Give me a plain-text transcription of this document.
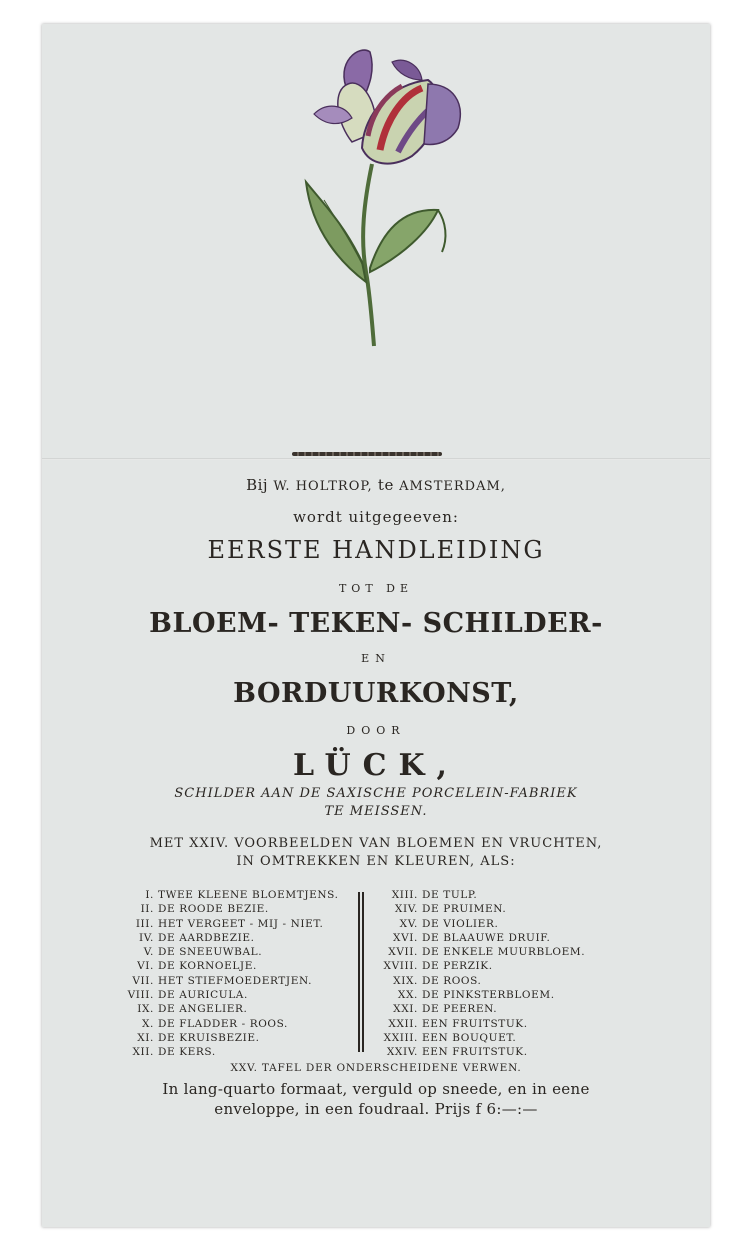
Bij W. HOLTROP, te AMSTERDAM,
wordt uitgegeeven:
EERSTE HANDLEIDING
TOT DE
BLOEM- TEKEN- SCHILDER-
EN
BORDUURKONST,
DOOR
LÜCK,
SCHILDER AAN DE SAXISCHE PORCELEIN-FABRIEK
TE MEISSEN.
MET XXIV. VOORBEELDEN VAN BLOEMEN EN VRUCHTEN,
IN OMTREKKEN EN KLEUREN, ALS:
I. TWEE KLEENE BLOEMTJENS.
II. DE ROODE BEZIE.
III. HET VERGEET - MIJ - NIET.
IV. DE AARDBEZIE.
V. DE SNEEUWBAL.
VI. DE KORNOELJE.
VII. HET STIEFMOEDERTJEN.
VIII. DE AURICULA.
IX. DE ANGELIER.
X. DE FLADDER - ROOS.
XI. DE KRUISBEZIE.
XII. DE KERS.
XIII. DE TULP.
XIV. DE PRUIMEN.
XV. DE VIOLIER.
XVI. DE BLAAUWE DRUIF.
XVII. DE ENKELE MUURBLOEM.
XVIII. DE PERZIK.
XIX. DE ROOS.
XX. DE PINKSTERBLOEM.
XXI. DE PEEREN.
XXII. EEN FRUITSTUK.
XXIII. EEN BOUQUET.
XXIV. EEN FRUITSTUK.
XXV. TAFEL DER ONDERSCHEIDENE VERWEN.
In lang-quarto formaat, verguld op sneede, en in eene
enveloppe, in een foudraal. Prijs f 6:—:—
